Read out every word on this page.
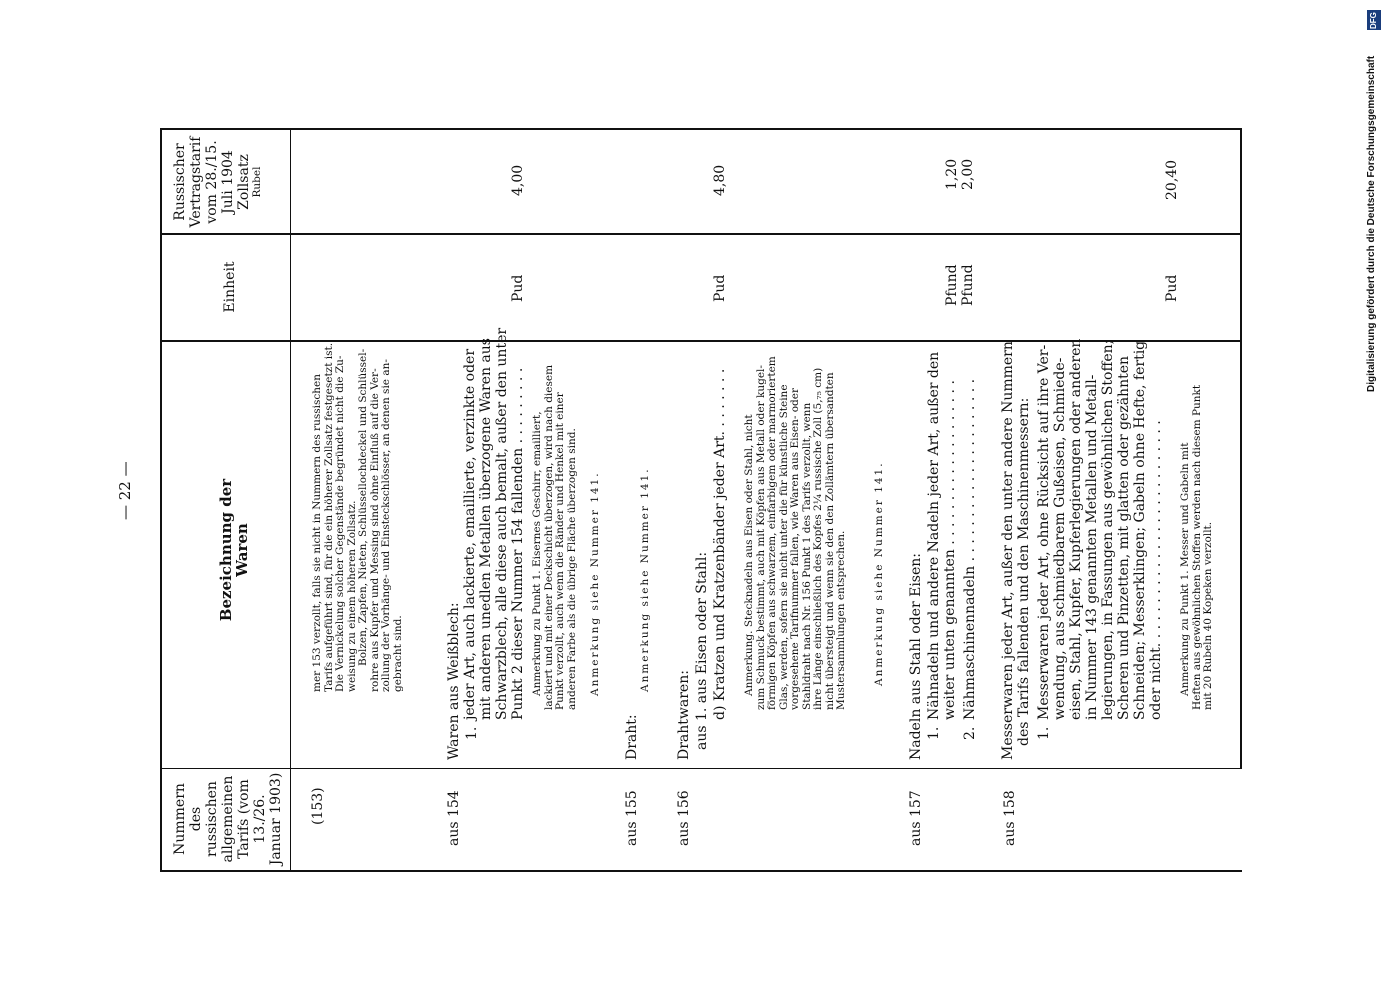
— 22 —
Nummern des russischen allgemeinen Tarifs (vom 13./26. Januar 1903)
Bezeichnung der Waren
Einheit
Russischer Vertragstarif vom 28./15. Juli 1904 Zollsatz Rubel
(153)
mer 153 verzollt, falls sie nicht in Nummern des russischen Tarifs aufgeführt sind, für die ein höherer Zollsatz festgesetzt ist. Die Vernickelung solcher Gegenstände begründet nicht die Zu- weisung zu einem höheren Zollsatz. Bolzen, Zapfen, Nieten, Schlüssellochdeckel und Schlüssel- rohre aus Kupfer und Messing sind ohne Einfluß auf die Ver- zollung der Vorhänge- und Einsteckschlösser, an denen sie an- gebracht sind.
aus 154
Waren aus Weißblech: 1.
jeder Art, auch lackierte, emaillierte, verzinkte oder mit anderen unedlen Metallen überzogene Waren aus Schwarzblech, alle diese auch bemalt, außer den unter Punkt 2 dieser Nummer 154 fallenden . . . . . . . . . Anmerkung zu Punkt 1. Eisernes Geschirr, emailliert, lackiert und mit einer Deckschicht überzogen, wird nach diesem Punkt verzollt, auch wenn die Ränder und Henkel mit einer anderen Farbe als die übrige Fläche überzogen sind. Anmerkung siehe Nummer 141.
Pud
4,00
aus 155
Draht:
Anmerkung siehe Nummer 141.
aus 156
Drahtwaren: aus 1. aus Eisen oder Stahl: d) Kratzen und Kratzenbänder jeder Art. . . . . . . . Anmerkung. Stecknadeln aus Eisen oder Stahl, nicht zum Schmuck bestimmt, auch mit Köpfen aus Metall oder kugel- förmigen Köpfen aus schwarzem, einfarbigem oder marmoriertem Glas, werden, sofern sie nicht unter die für künstliche Steine vorgesehene Tarifnummer fallen, wie Waren aus Eisen- oder Stahldraht nach Nr. 156 Punkt 1 des Tarifs verzollt, wenn ihre Länge einschließlich des Kopfes 2¼ russische Zoll (5,₇₅ cm) nicht übersteigt und wenn sie den den Zollämtern übersandten Mustersammlungen entsprechen. Anmerkung siehe Nummer 141.
Pud
4,80
aus 157
Nadeln aus Stahl oder Eisen: 1.
Nähnadeln und andere Nadeln jeder Art, außer den weiter unten genannten . . . . . . . . . . . . . . . . . . .
2.
Nähmaschinennadeln . . . . . . . . . . . . . . . . . . . . .
Pfund Pfund
1,20 2,00
aus 158
Messerwaren jeder Art, außer den unter andere Nummern des Tarifs fallenden und den Maschinenmessern: 1.
Messerwaren jeder Art, ohne Rücksicht auf ihre Ver- wendung, aus schmiedbarem Gußeisen, Schmiede- eisen, Stahl, Kupfer, Kupferlegierungen oder anderen in Nummer 143 genannten Metallen und Metall- legierungen, in Fassungen aus gewöhnlichen Stoffen; Scheren und Pinzetten, mit glatten oder gezähnten Schneiden; Messerklingen; Gabeln ohne Hefte, fertig oder nicht. . . . . . . . . . . . . . . . . . . . . . . . . . Anmerkung zu Punkt 1. Messer und Gabeln mit Heften aus gewöhnlichen Stoffen werden nach diesem Punkt mit 20 Rubeln 40 Kopeken verzollt.
Pud
20,40	Digitalisierung gefördert durch die Deutsche Forschungsgemeinschaft
DFG
